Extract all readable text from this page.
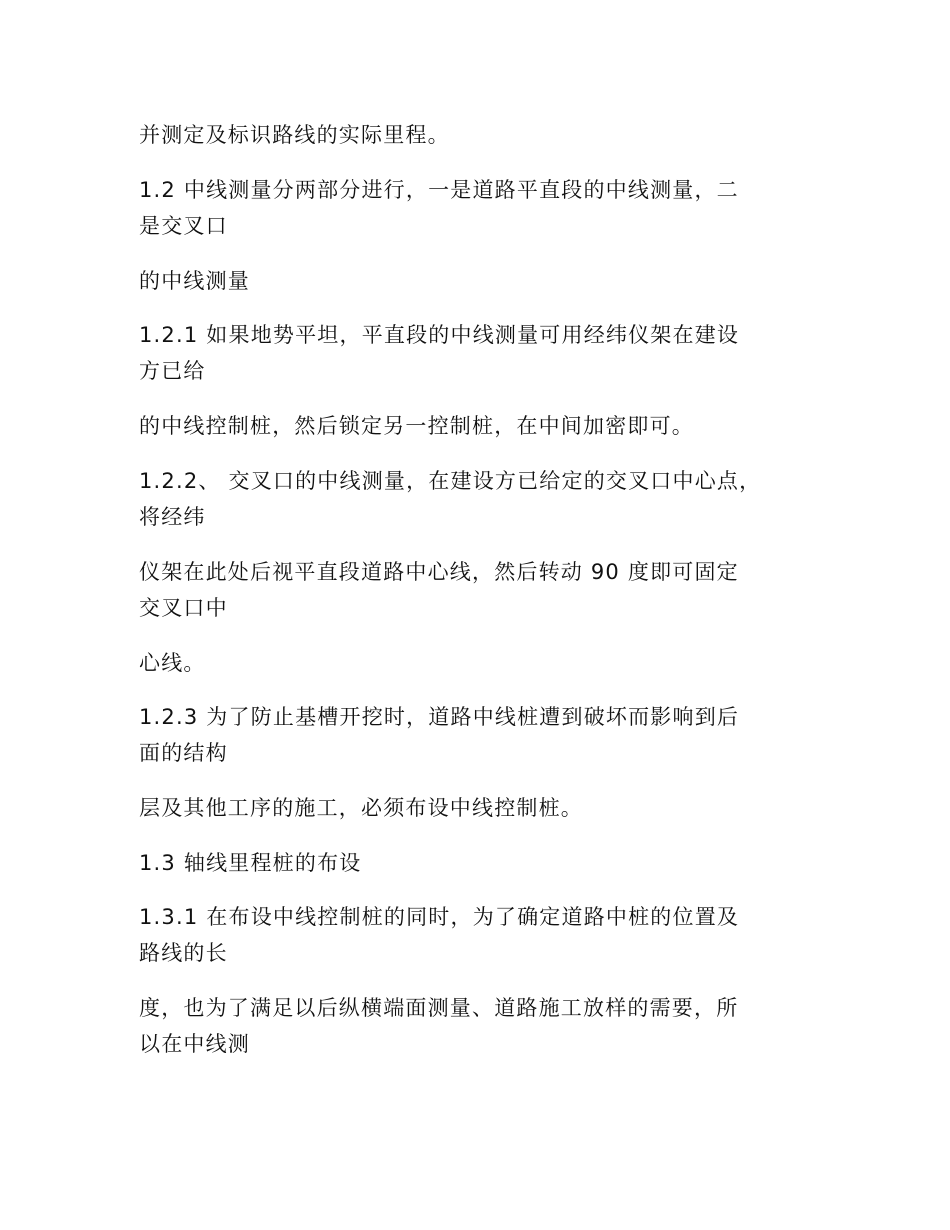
并测定及标识路线的实际里程。

1.2 中线测量分两部分进行，一是道路平直段的中线测量，二
是交叉口

的中线测量

1.2.1 如果地势平坦，平直段的中线测量可用经纬仪架在建设
方已给

的中线控制桩，然后锁定另一控制桩，在中间加密即可。

1.2.2、 交叉口的中线测量，在建设方已给定的交叉口中心点，
将经纬

仪架在此处后视平直段道路中心线，然后转动 90 度即可固定
交叉口中

心线。

1.2.3 为了防止基槽开挖时，道路中线桩遭到破坏而影响到后
面的结构

层及其他工序的施工，必须布设中线控制桩。

1.3 轴线里程桩的布设

1.3.1 在布设中线控制桩的同时，为了确定道路中桩的位置及
路线的长

度，也为了满足以后纵横端面测量、道路施工放样的需要，所
以在中线测
